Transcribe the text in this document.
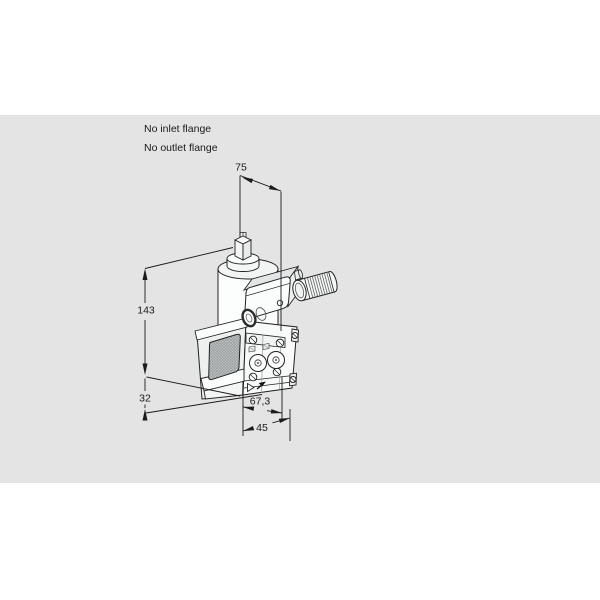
75
143
32	67,3
45
No inlet flange
No outlet flange
